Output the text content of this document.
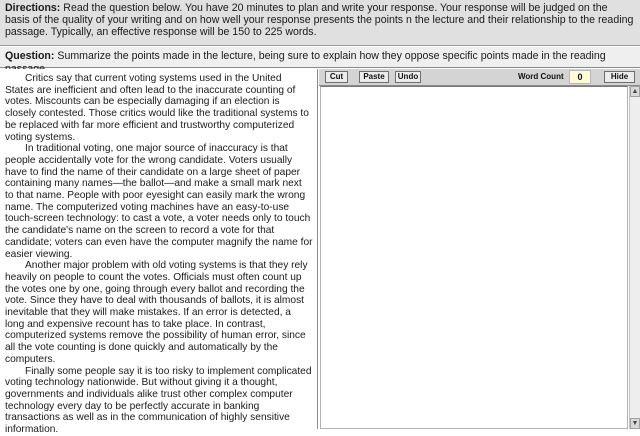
Directions: Read the question below. You have 20 minutes to plan and write your response. Your response will be judged on the basis of the quality of your writing and on how well your response presents the points n the lecture and their relationship to the reading passage. Typically, an effective response will be 150 to 225 words.
Question: Summarize the points made in the lecture, being sure to explain how they oppose specific points made in the reading

Critics say that current voting systems used in the United States are inefficient and often lead to the inaccurate counting of votes. Miscounts can be especially damaging if an election is closely contested. Those critics would like the traditional systems to be replaced with far more efficient and trustworthy computerized voting systems.

In traditional voting, one major source of inaccuracy is that people accidentally vote for the wrong candidate. Voters usually have to find the name of their candidate on a large sheet of paper containing many names—the ballot—and make a small mark next to that name. People with poor eyesight can easily mark the wrong name. The computerized voting machines have an easy-to-use touch-screen technology: to cast a vote, a voter needs only to touch the candidate's name on the screen to record a vote for that candidate; voters can even have the computer magnify the name for easier viewing.

Another major problem with old voting systems is that they rely heavily on people to count the votes. Officials must often count up the votes one by one, going through every ballot and recording the vote. Since they have to deal with thousands of ballots, it is almost inevitable that they will make mistakes. If an error is detected, a long and expensive recount has to take place. In contrast, computerized systems remove the possibility of human error, since all the vote counting is done quickly and automatically by the computers.

Finally some people say it is too risky to implement complicated voting technology nationwide. But without giving it a thought, governments and individuals alike trust other complex computer technology every day to be perfectly accurate in banking transactions as well as in the communication of highly sensitive information.

Cut	Paste	Undo	Word Count	0	Hide
▲
▼
